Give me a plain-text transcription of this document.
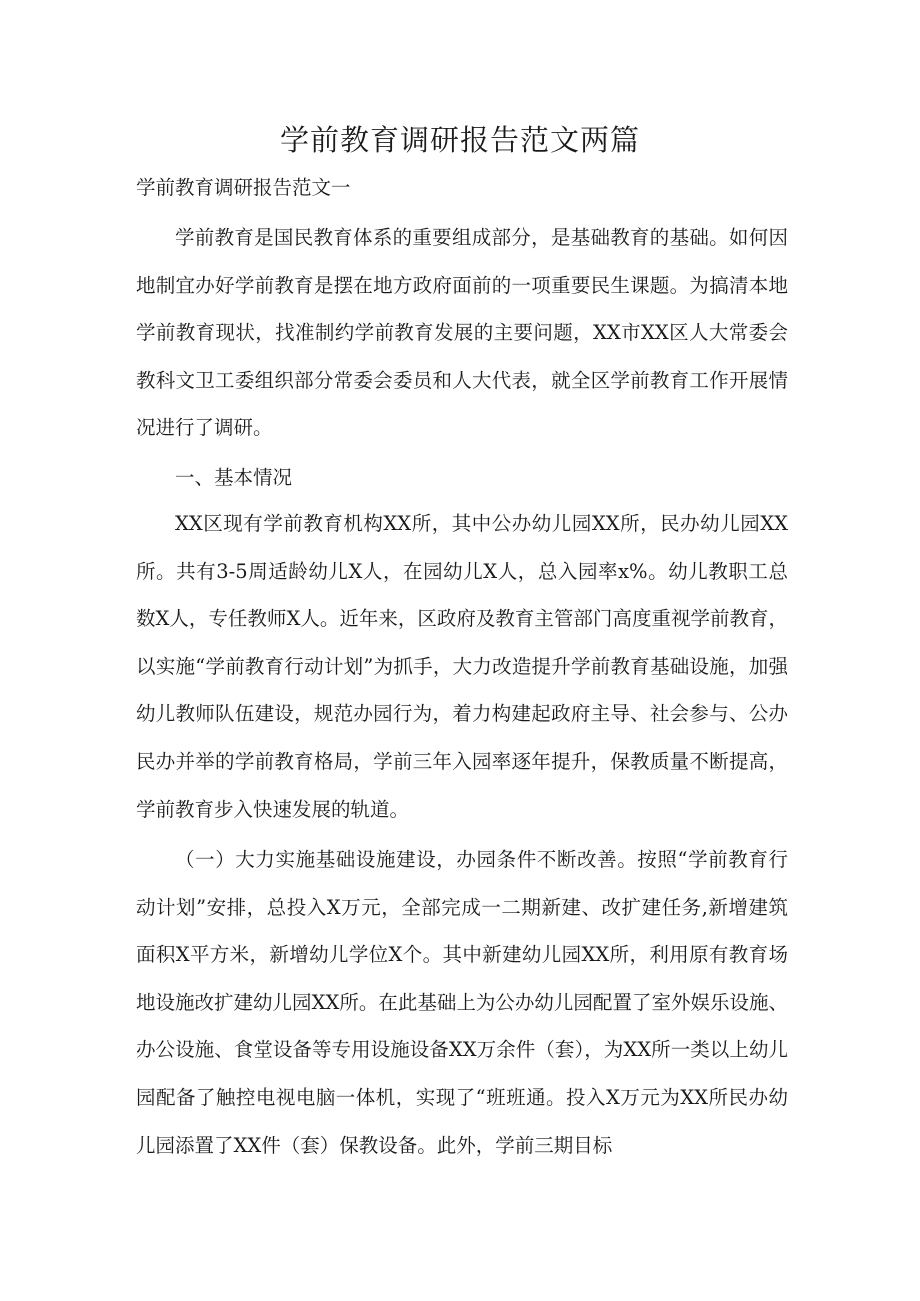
学前教育调研报告范文两篇
学前教育调研报告范文一

学前教育是国民教育体系的重要组成部分，是基础教育的基础。如何因地制宜办好学前教育是摆在地方政府面前的一项重要民生课题。为搞清本地学前教育现状，找准制约学前教育发展的主要问题，XX市XX区人大常委会教科文卫工委组织部分常委会委员和人大代表，就全区学前教育工作开展情况进行了调研。

一、基本情况

XX区现有学前教育机构XX所，其中公办幼儿园XX所，民办幼儿园XX所。共有3-5周适龄幼儿X人，在园幼儿X人，总入园率x%。幼儿教职工总数X人，专任教师X人。近年来，区政府及教育主管部门高度重视学前教育，以实施“学前教育行动计划”为抓手，大力改造提升学前教育基础设施，加强幼儿教师队伍建设，规范办园行为，着力构建起政府主导、社会参与、公办民办并举的学前教育格局，学前三年入园率逐年提升，保教质量不断提高，学前教育步入快速发展的轨道。

（一）大力实施基础设施建设，办园条件不断改善。按照“学前教育行动计划”安排，总投入X万元，全部完成一二期新建、改扩建任务,新增建筑面积X平方米，新增幼儿学位X个。其中新建幼儿园XX所，利用原有教育场地设施改扩建幼儿园XX所。在此基础上为公办幼儿园配置了室外娱乐设施、办公设施、食堂设备等专用设施设备XX万余件（套），为XX所一类以上幼儿园配备了触控电视电脑一体机，实现了“班班通。投入X万元为XX所民办幼儿园添置了XX件（套）保教设备。此外，学前三期目标
